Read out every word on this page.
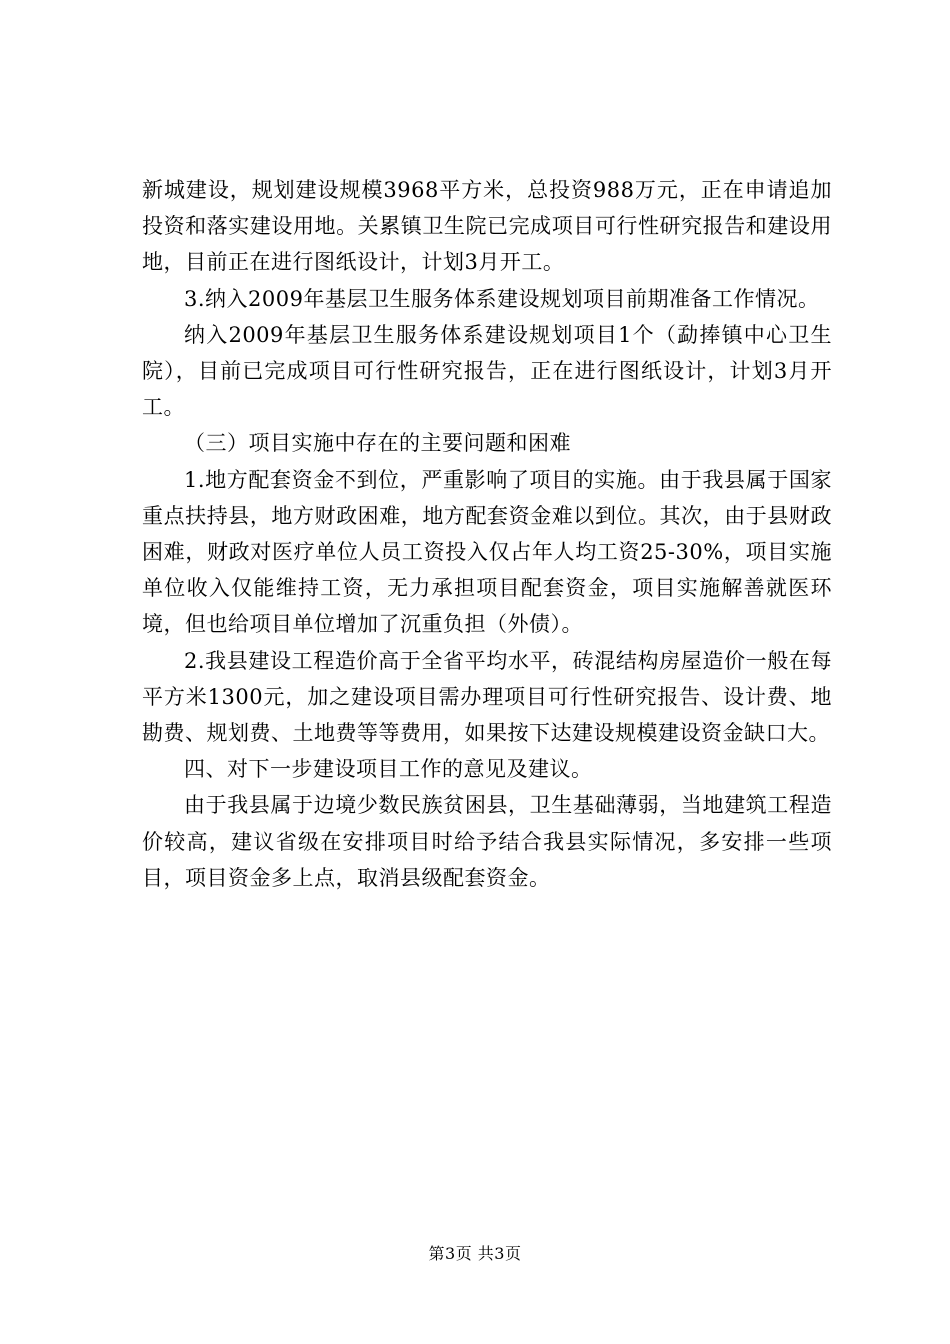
新城建设，规划建设规模3968平方米，总投资988万元，正在申请追加投资和落实建设用地。关累镇卫生院已完成项目可行性研究报告和建设用地，目前正在进行图纸设计，计划3月开工。

3.纳入2009年基层卫生服务体系建设规划项目前期准备工作情况。

纳入2009年基层卫生服务体系建设规划项目1个（勐捧镇中心卫生院），目前已完成项目可行性研究报告，正在进行图纸设计，计划3月开工。

（三）项目实施中存在的主要问题和困难

1.地方配套资金不到位，严重影响了项目的实施。由于我县属于国家重点扶持县，地方财政困难，地方配套资金难以到位。其次，由于县财政困难，财政对医疗单位人员工资投入仅占年人均工资25-30%，项目实施单位收入仅能维持工资，无力承担项目配套资金，项目实施解善就医环境，但也给项目单位增加了沉重负担（外债）。

2.我县建设工程造价高于全省平均水平，砖混结构房屋造价一般在每平方米1300元，加之建设项目需办理项目可行性研究报告、设计费、地勘费、规划费、土地费等等费用，如果按下达建设规模建设资金缺口大。

四、对下一步建设项目工作的意见及建议。

由于我县属于边境少数民族贫困县，卫生基础薄弱，当地建筑工程造价较高，建议省级在安排项目时给予结合我县实际情况，多安排一些项目，项目资金多上点，取消县级配套资金。

第3页 共3页
